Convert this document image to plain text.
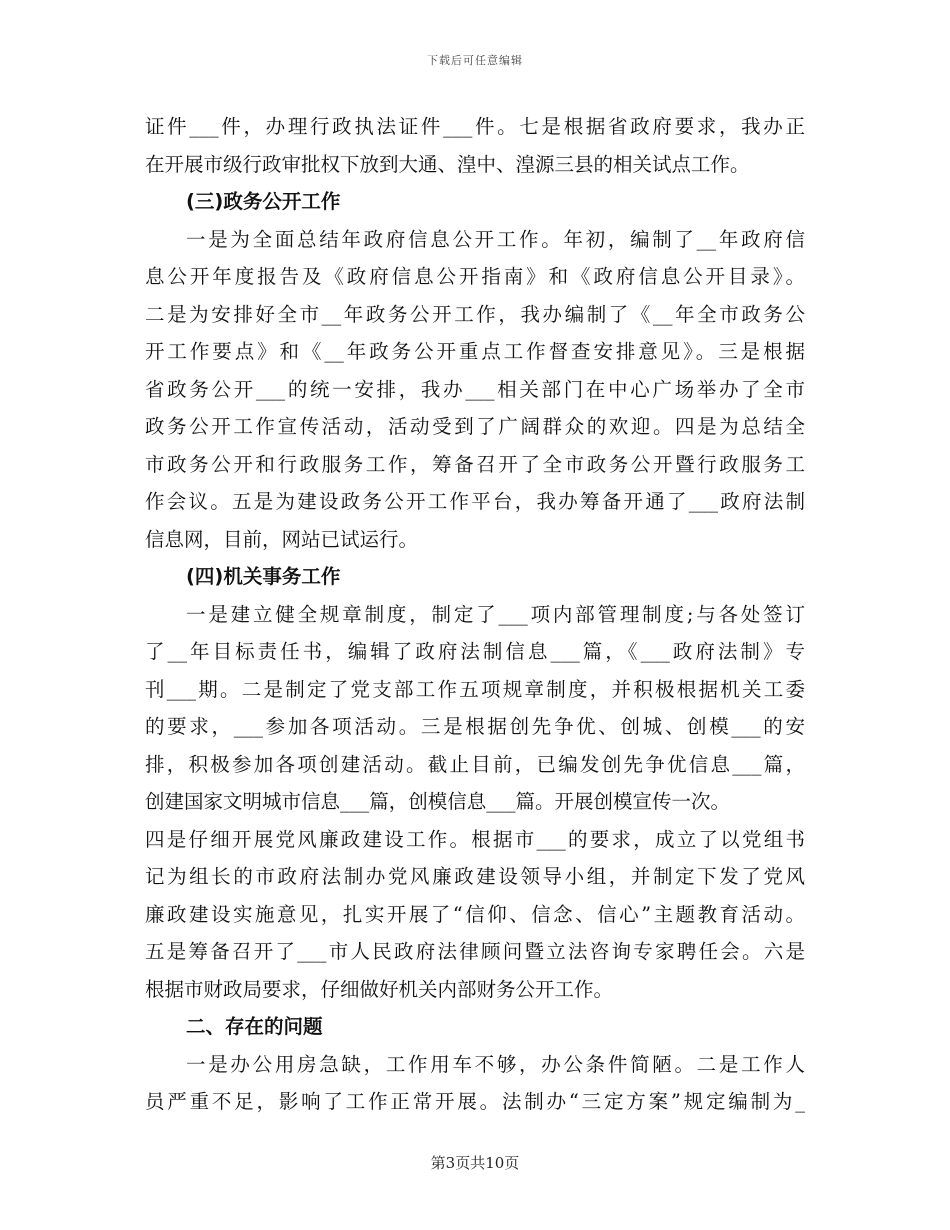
下载后可任意编辑
证件___件，办理行政执法证件___件。七是根据省政府要求，我办正
在开展市级行政审批权下放到大通、湟中、湟源三县的相关试点工作。
(三)政务公开工作
一是为全面总结年政府信息公开工作。年初，编制了__年政府信
息公开年度报告及《政府信息公开指南》和《政府信息公开目录》。
二是为安排好全市__年政务公开工作，我办编制了《__年全市政务公
开工作要点》和《__年政务公开重点工作督查安排意见》。三是根据
省政务公开___的统一安排，我办___相关部门在中心广场举办了全市
政务公开工作宣传活动，活动受到了广阔群众的欢迎。四是为总结全
市政务公开和行政服务工作，筹备召开了全市政务公开暨行政服务工
作会议。五是为建设政务公开工作平台，我办筹备开通了___政府法制
信息网，目前，网站已试运行。
(四)机关事务工作
一是建立健全规章制度，制定了___项内部管理制度;与各处签订
了__年目标责任书，编辑了政府法制信息___篇，《___政府法制》专
刊___期。二是制定了党支部工作五项规章制度，并积极根据机关工委
的要求，___参加各项活动。三是根据创先争优、创城、创模___的安
排，积极参加各项创建活动。截止目前，已编发创先争优信息___篇，
创建国家文明城市信息___篇，创模信息___篇。开展创模宣传一次。
四是仔细开展党风廉政建设工作。根据市___的要求，成立了以党组书
记为组长的市政府法制办党风廉政建设领导小组，并制定下发了党风
廉政建设实施意见，扎实开展了“信仰、信念、信心”主题教育活动。
五是筹备召开了___市人民政府法律顾问暨立法咨询专家聘任会。六是
根据市财政局要求，仔细做好机关内部财务公开工作。
二、存在的问题
一是办公用房急缺，工作用车不够，办公条件简陋。二是工作人
员严重不足，影响了工作正常开展。法制办“三定方案”规定编制为_
第3页共10页
